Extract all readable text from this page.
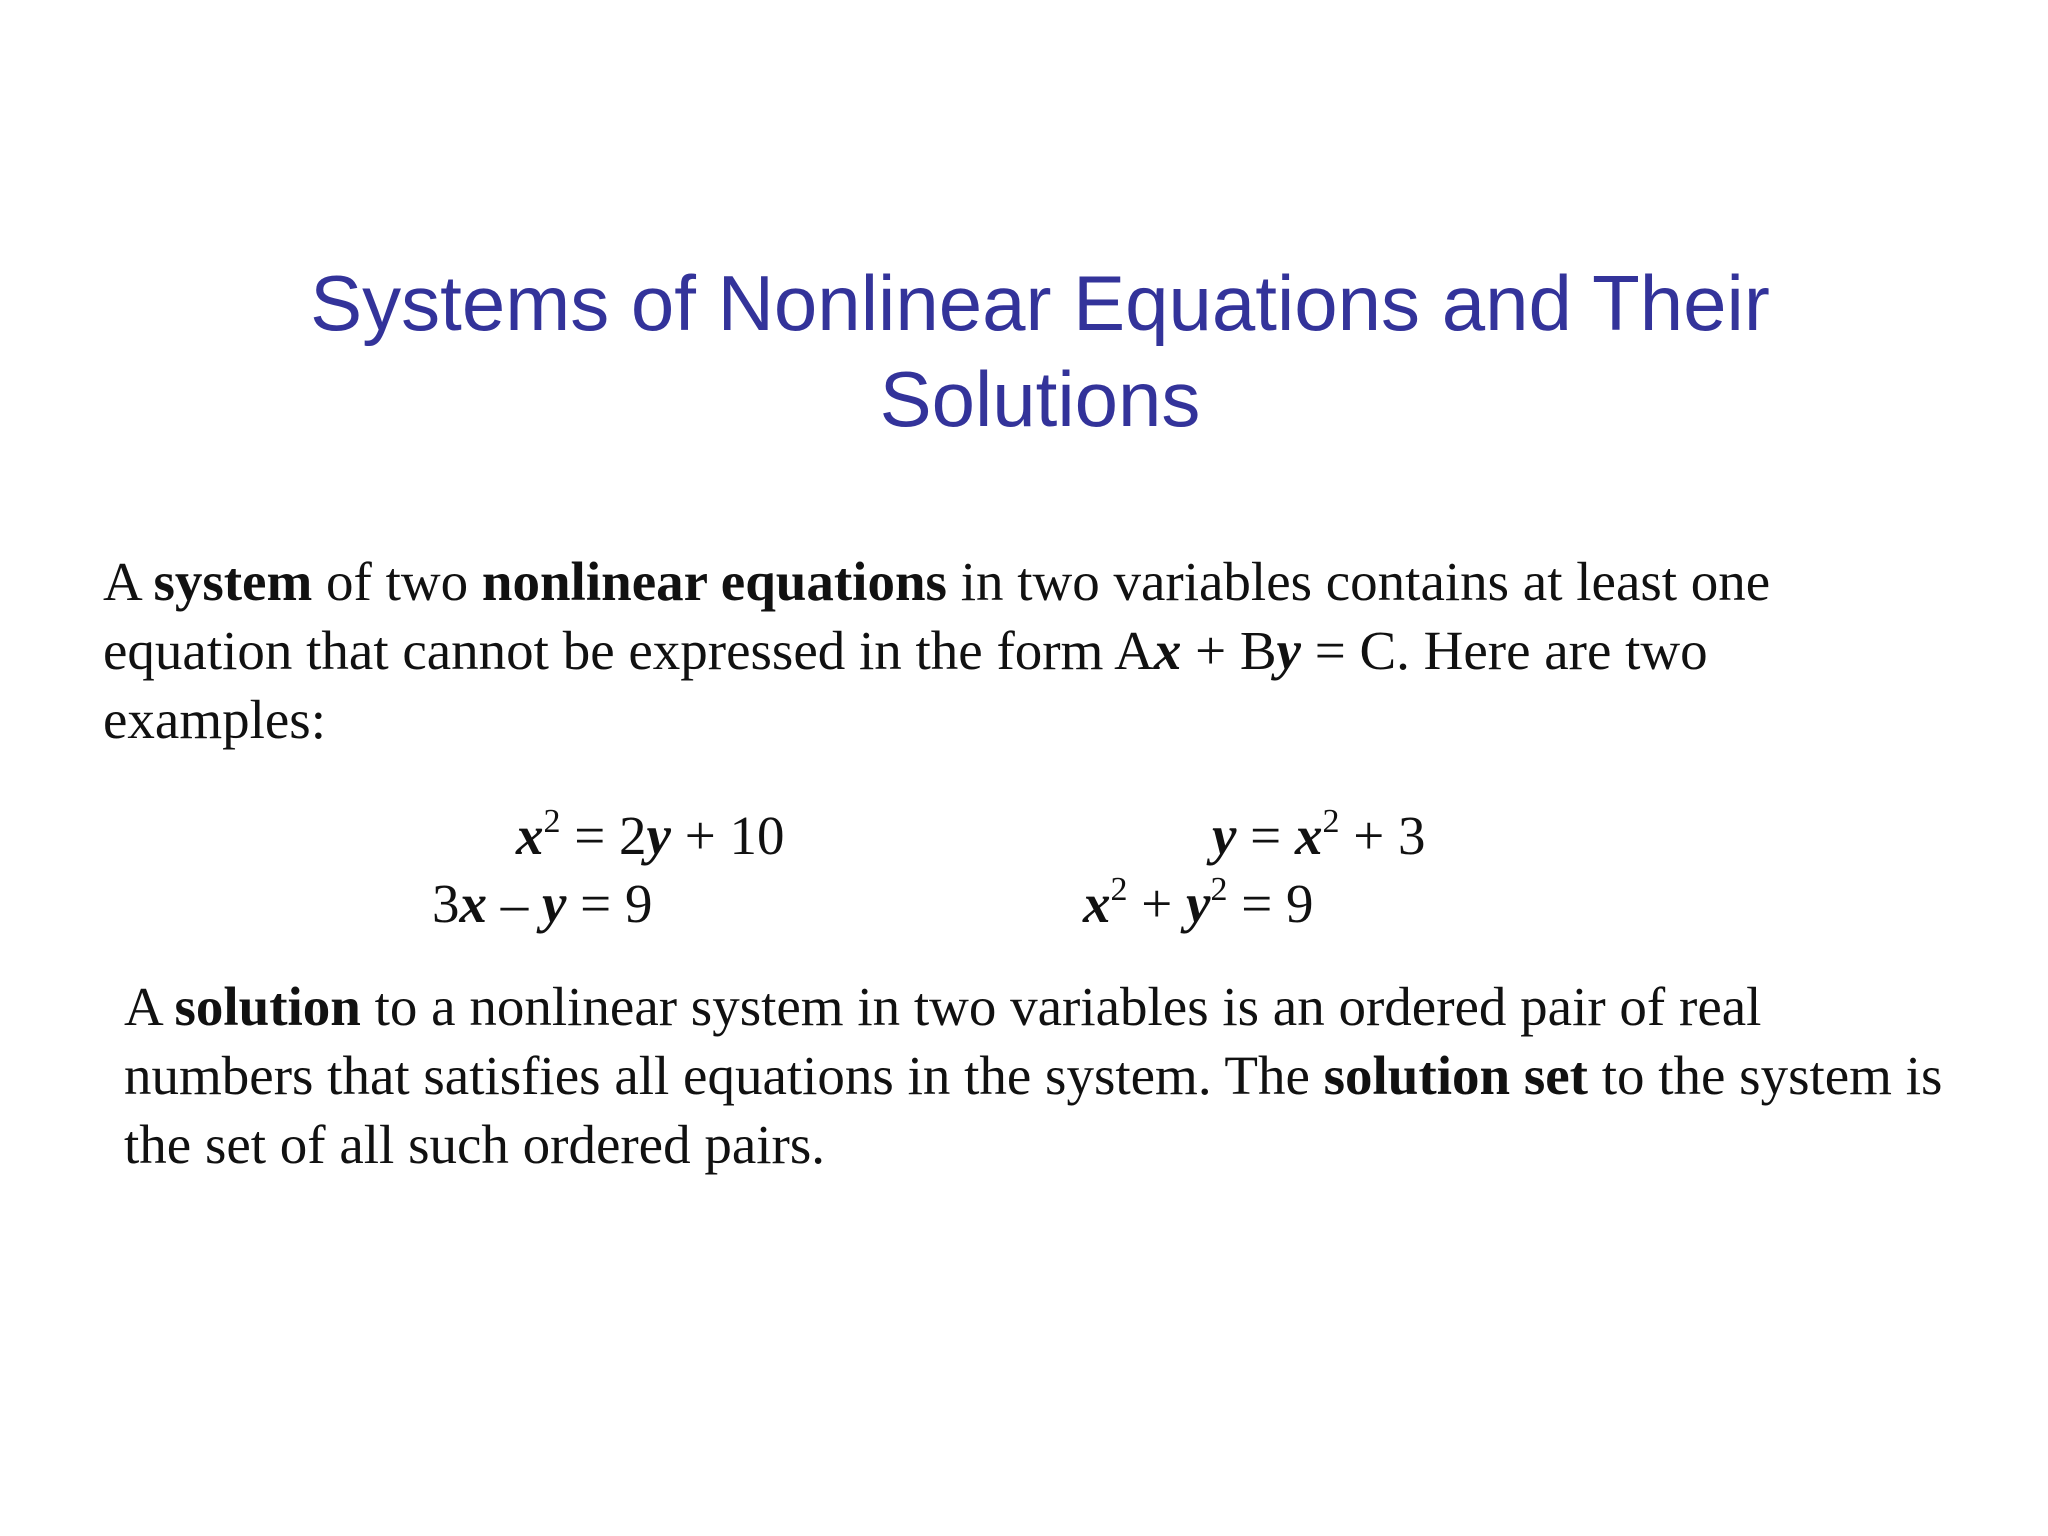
Systems of Nonlinear Equations and Their
Solutions
A system of two nonlinear equations in two variables contains at least one equation that cannot be expressed in the form Ax + By = C. Here are two examples:
$x^2 = 2y + 10$
3x – y = 9
$y = x^2 + 3$
$x^2 + y^2 = 9$
A solution to a nonlinear system in two variables is an ordered pair of real numbers that satisfies all equations in the system. The solution set to the system is the set of all such ordered pairs.
